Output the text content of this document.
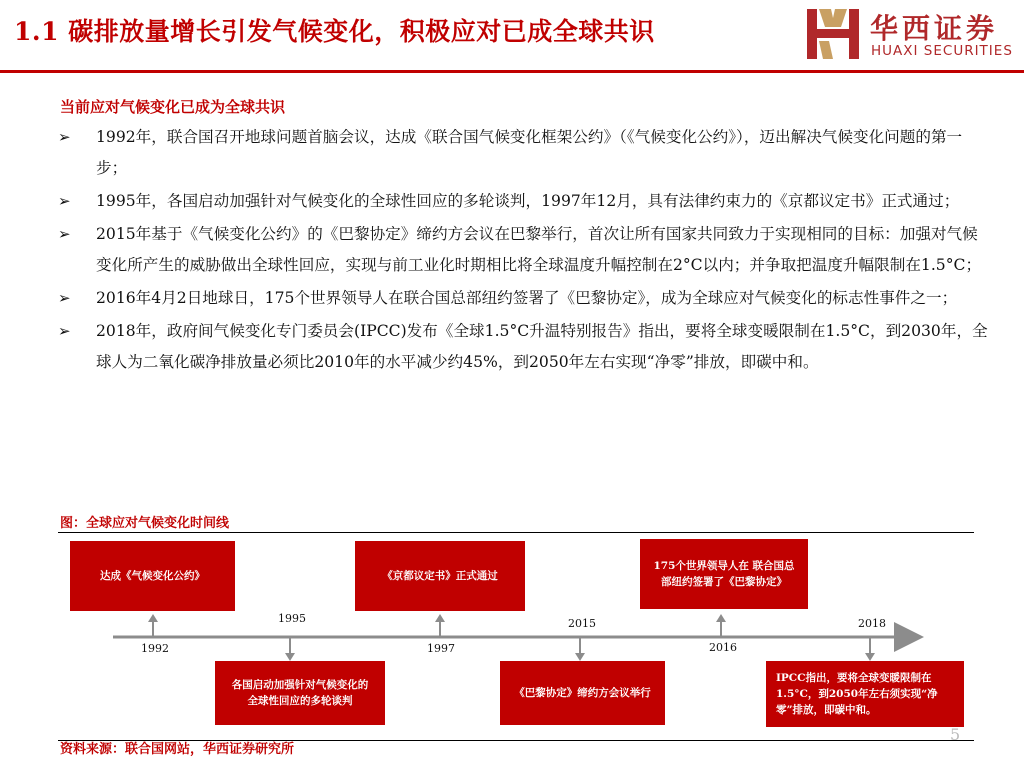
1.1 碳排放量增长引发气候变化，积极应对已成全球共识	华西证券
HUAXI SECURITIES
当前应对气候变化已成为全球共识
➢ 1992年，联合国召开地球问题首脑会议，达成《联合国气候变化框架公约》（《气候变化公约》），迈出解决气候变化问题的第一步；
➢ 1995年，各国启动加强针对气候变化的全球性回应的多轮谈判，1997年12月，具有法律约束力的《京都议定书》正式通过；
➢ 2015年基于《气候变化公约》的《巴黎协定》缔约方会议在巴黎举行，首次让所有国家共同致力于实现相同的目标：加强对气候变化所产生的威胁做出全球性回应，实现与前工业化时期相比将全球温度升幅控制在2°C以内；并争取把温度升幅限制在1.5°C；
➢ 2016年4月2日地球日，175个世界领导人在联合国总部纽约签署了《巴黎协定》，成为全球应对气候变化的标志性事件之一；
➢ 2018年，政府间气候变化专门委员会(IPCC)发布《全球1.5°C升温特别报告》指出，要将全球变暖限制在1.5°C，到2030年，全球人为二氧化碳净排放量必须比2010年的水平减少约45%，到2050年左右实现“净零”排放，即碳中和。
图：全球应对气候变化时间线
达成《气候变化公约》
各国启动加强针对气候变化的全球性回应的多轮谈判
《京都议定书》正式通过
《巴黎协定》缔约方会议举行
175个世界领导人在 联合国总部纽约签署了《巴黎协定》
IPCC指出，要将全球变暖限制在1.5°C，到2050年左右须实现“净零”排放，即碳中和。
1992
1995
1997
2015
2016
2018
资料来源：联合国网站，华西证券研究所
5
